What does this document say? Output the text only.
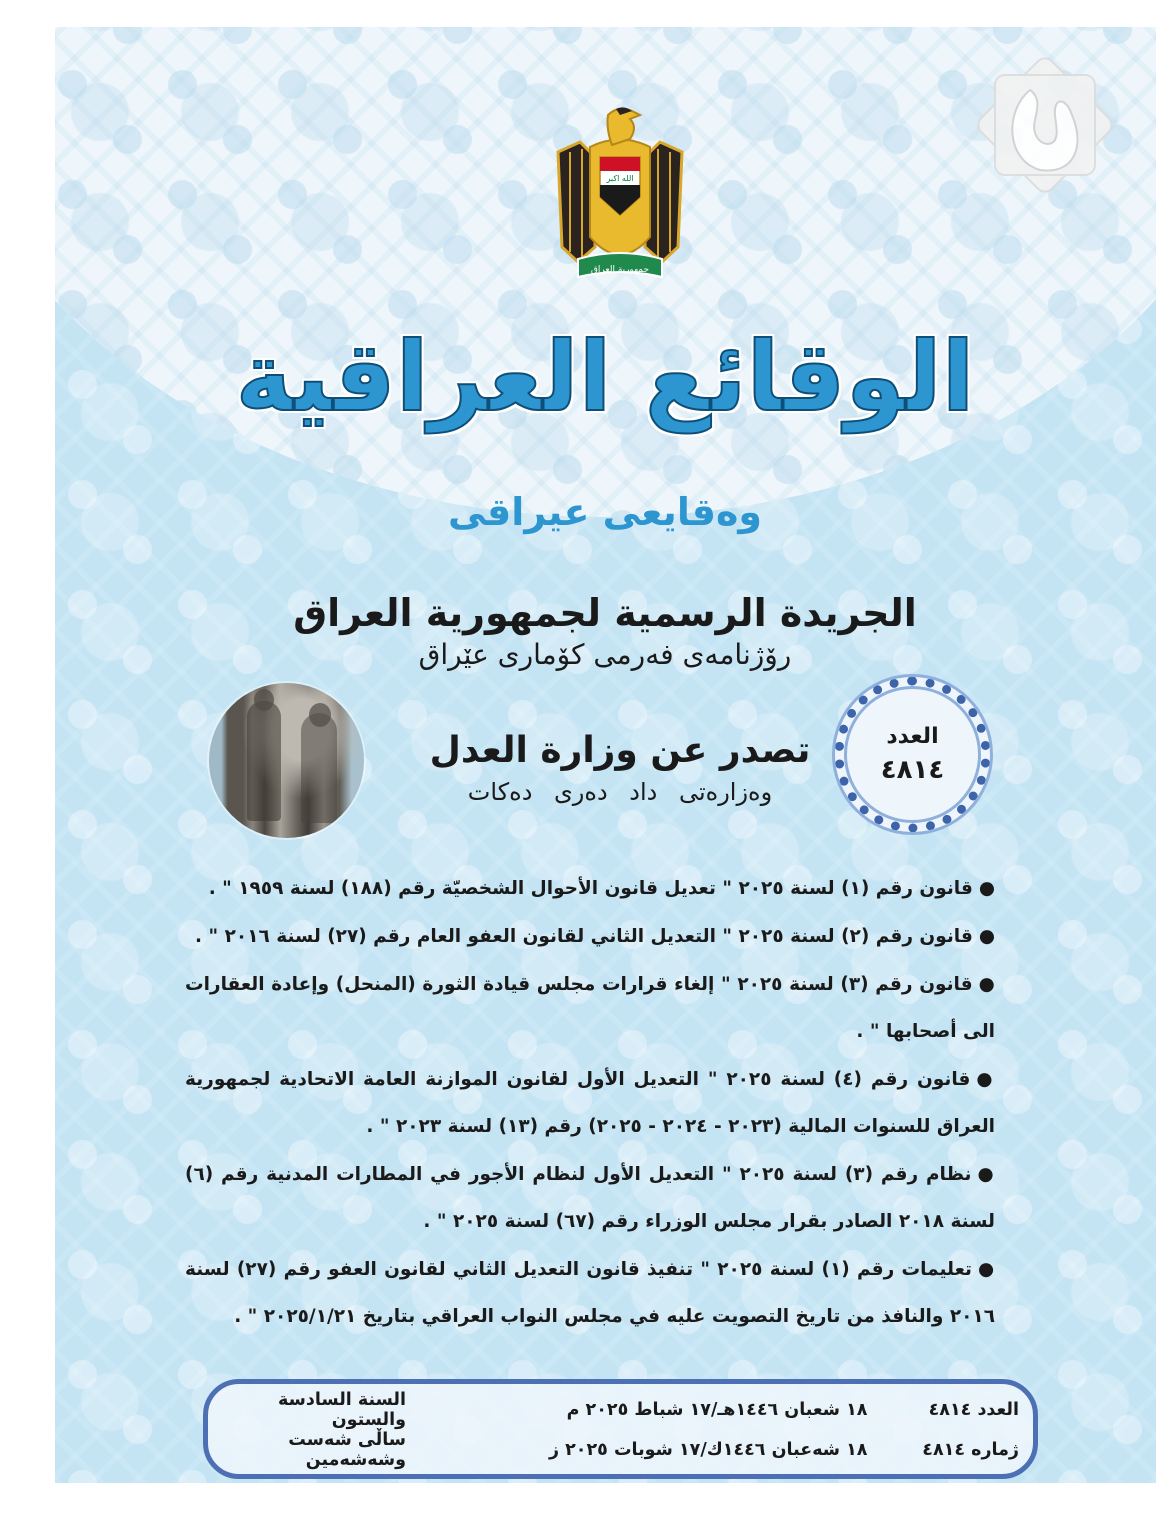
الله اكبر
جمهورية العراق
الوقائع العراقية
وەقایعی عیراقی
الجريدة الرسمية لجمهورية العراق
رۆژنامەی فەرمی کۆماری عێراق
تصدر عن وزارة العدل
وەزارەتی داد دەری دەکات
العدد
٤٨١٤
●قانون رقم (١) لسنة ٢٠٢٥ " تعديل قانون الأحوال الشخصيّة رقم (١٨٨) لسنة ١٩٥٩ " .
●قانون رقم (٢) لسنة ٢٠٢٥ " التعديل الثاني لقانون العفو العام رقم (٢٧) لسنة ٢٠١٦ " .
●قانون رقم (٣) لسنة ٢٠٢٥ " إلغاء قرارات مجلس قيادة الثورة (المنحل) وإعادة العقارات الى أصحابها " .
●قانون رقم (٤) لسنة ٢٠٢٥ " التعديل الأول لقانون الموازنة العامة الاتحادية لجمهورية العراق للسنوات المالية (٢٠٢٣ - ٢٠٢٤ - ٢٠٢٥) رقم (١٣) لسنة ٢٠٢٣ " .
●نظام رقم (٣) لسنة ٢٠٢٥ " التعديل الأول لنظام الأجور في المطارات المدنية رقم (٦) لسنة ٢٠١٨ الصادر بقرار مجلس الوزراء رقم (٦٧) لسنة ٢٠٢٥ " .
●تعليمات رقم (١) لسنة ٢٠٢٥ " تنفيذ قانون التعديل الثاني لقانون العفو رقم (٢٧) لسنة ٢٠١٦ والنافذ من تاريخ التصويت عليه في مجلس النواب العراقي بتاريخ ٢٠٢٥/١/٢١ " .
العدد ٤٨١٤
١٨ شعبان ١٤٤٦هـ/١٧ شباط ٢٠٢٥ م
السنة السادسة والستون
ژمارە ٤٨١٤
١٨ شەعبان ١٤٤٦ك/١٧ شوبات ٢٠٢٥ ز
ساڵی شەست وشەشەمین
